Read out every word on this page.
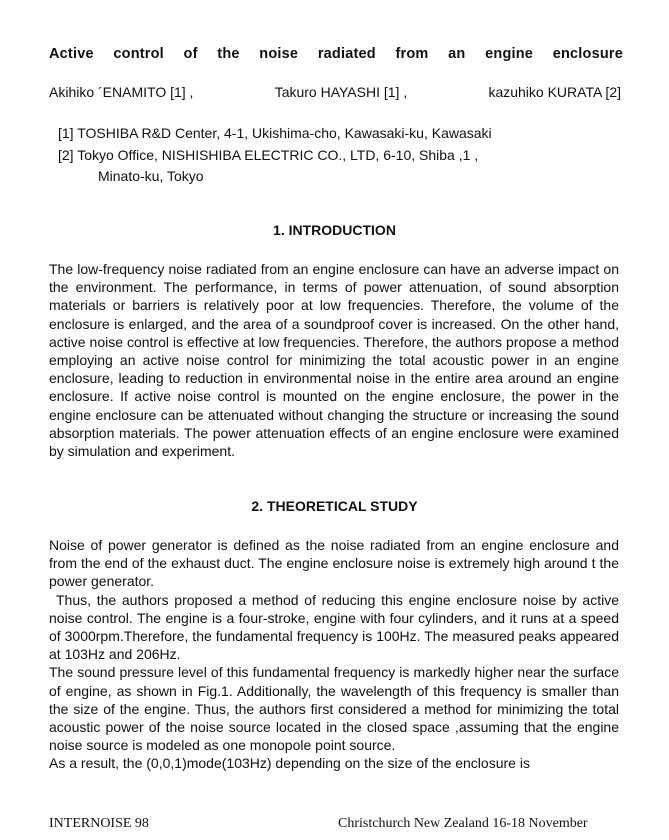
Active control of the noise radiated from an engine enclosure
Akihiko ´ENAMITO [1] ,	Takuro HAYASHI [1] ,	kazuhiko KURATA [2]
[1] TOSHIBA R&D Center, 4-1, Ukishima-cho, Kawasaki-ku, Kawasaki
[2] Tokyo Office, NISHISHIBA ELECTRIC CO., LTD, 6-10, Shiba ,1 ,
Minato-ku, Tokyo
1. INTRODUCTION

The low-frequency noise radiated from an engine enclosure can have an adverse impact on the environment. The performance, in terms of power attenuation, of sound absorption materials or barriers is relatively poor at low frequencies. Therefore, the volume of the enclosure is enlarged, and the area of a soundproof cover is increased. On the other hand, active noise control is effective at low frequencies. Therefore, the authors propose a method employing an active noise control for minimizing the total acoustic power in an engine enclosure, leading to reduction in environmental noise in the entire area around an engine enclosure. If active noise control is mounted on the engine enclosure, the power in the engine enclosure can be attenuated without changing the structure or increasing the sound absorption materials. The power attenuation effects of an engine enclosure were examined by simulation and experiment.

2. THEORETICAL STUDY

Noise of power generator is defined as the noise radiated from an engine enclosure and from the end of the exhaust duct. The engine enclosure noise is extremely high around t the power generator.

Thus, the authors proposed a method of reducing this engine enclosure noise by active noise control. The engine is a four-stroke, engine with four cylinders, and it runs at a speed of 3000rpm.Therefore, the fundamental frequency is 100Hz. The measured peaks appeared at 103Hz and 206Hz.

The sound pressure level of this fundamental frequency is markedly higher near the surface of engine, as shown in Fig.1. Additionally, the wavelength of this frequency is smaller than the size of the engine. Thus, the authors first considered a method for minimizing the total acoustic power of the noise source located in the closed space ,assuming that the engine noise source is modeled as one monopole point source.

As a result, the (0,0,1)mode(103Hz) depending on the size of the enclosure is

INTERNOISE 98	Christchurch New Zealand 16-18 November
